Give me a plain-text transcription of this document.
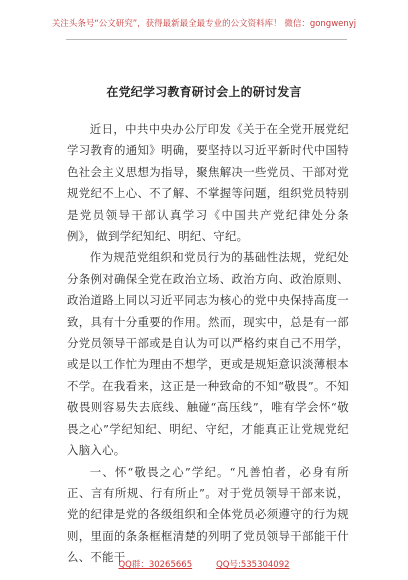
关注头条号“公文研究”，获得最新最全最专业的公文资料库！ 微信：gongwenyj
在党纪学习教育研讨会上的研讨发言

近日，中共中央办公厅印发《关于在全党开展党纪学习教育的通知》明确，要坚持以习近平新时代中国特色社会主义思想为指导，聚焦解决一些党员、干部对党规党纪不上心、不了解、不掌握等问题，组织党员特别是党员领导干部认真学习《中国共产党纪律处分条例》，做到学纪知纪、明纪、守纪。

作为规范党组织和党员行为的基础性法规，党纪处分条例对确保全党在政治立场、政治方向、政治原则、政治道路上同以习近平同志为核心的党中央保持高度一致，具有十分重要的作用。然而，现实中，总是有一部分党员领导干部或是自认为可以严格约束自己不用学，或是以工作忙为理由不想学，更或是规矩意识淡薄根本不学。在我看来，这正是一种致命的不知“敬畏”。不知敬畏则容易失去底线、触碰“高压线”，唯有学会怀“敬畏之心”学纪知纪、明纪、守纪，才能真正让党规党纪入脑入心。

一、怀“敬畏之心”学纪。“凡善怕者，必身有所正、言有所规、行有所止”。对于党员领导干部来说，党的纪律是党的各级组织和全体党员必须遵守的行为规则，里面的条条框框清楚的列明了党员领导干部能干什么、不能干

QQ群：30265665	QQ号:535304092
